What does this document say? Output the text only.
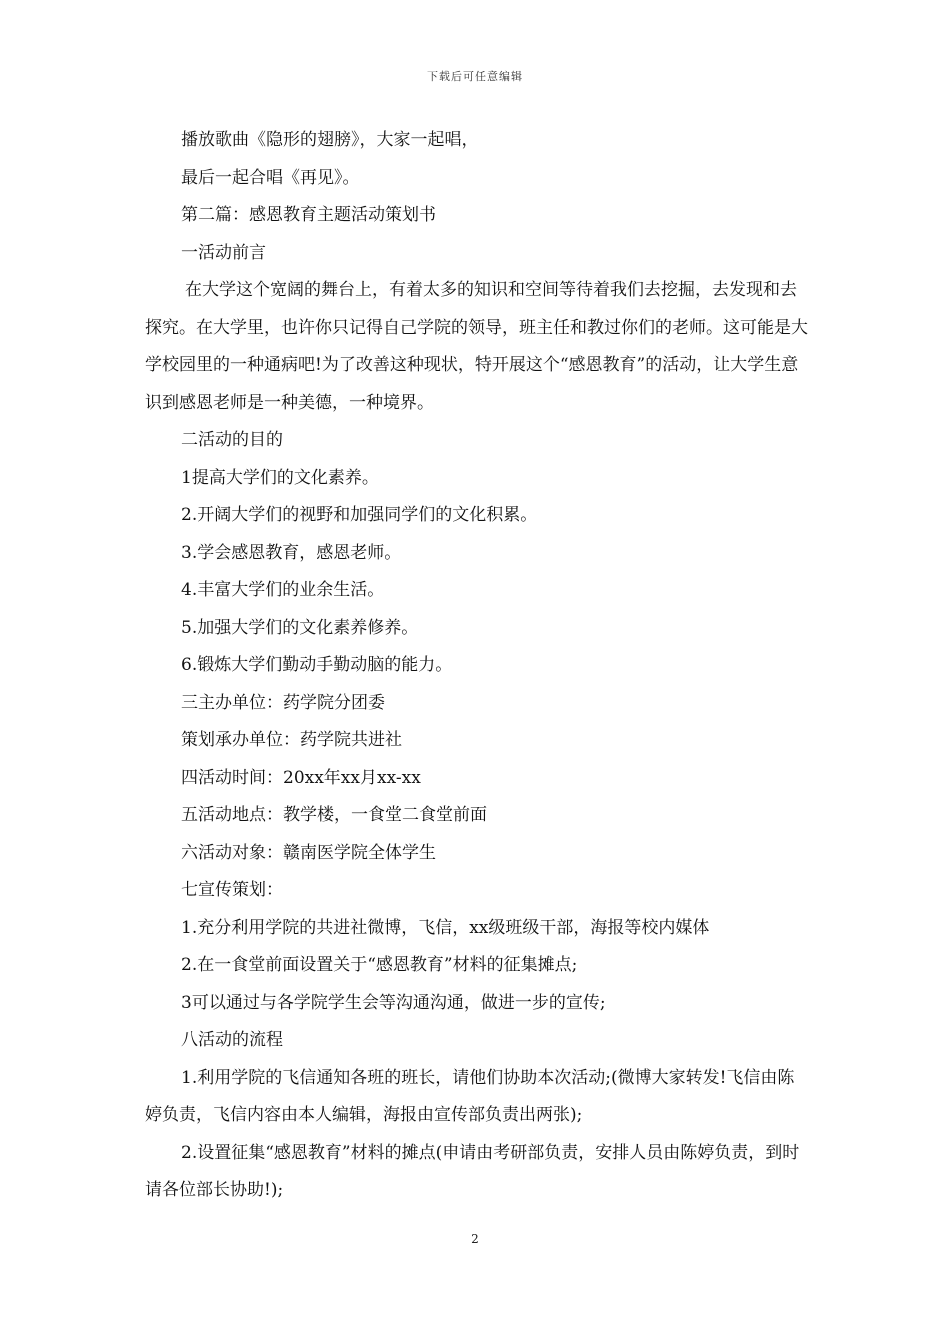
下载后可任意编辑

播放歌曲《隐形的翅膀》，大家一起唱，

最后一起合唱《再见》。

第二篇：感恩教育主题活动策划书

一活动前言

在大学这个宽阔的舞台上，有着太多的知识和空间等待着我们去挖掘，去发现和去探究。在大学里，也许你只记得自己学院的领导，班主任和教过你们的老师。这可能是大学校园里的一种通病吧!为了改善这种现状，特开展这个“感恩教育”的活动，让大学生意识到感恩老师是一种美德，一种境界。

二活动的目的

1提高大学们的文化素养。

2.开阔大学们的视野和加强同学们的文化积累。

3.学会感恩教育，感恩老师。

4.丰富大学们的业余生活。

5.加强大学们的文化素养修养。

6.锻炼大学们勤动手勤动脑的能力。

三主办单位：药学院分团委

策划承办单位：药学院共进社

四活动时间：20xx年xx月xx-xx

五活动地点：教学楼，一食堂二食堂前面

六活动对象：赣南医学院全体学生

七宣传策划：

1.充分利用学院的共进社微博，飞信，xx级班级干部，海报等校内媒体

2.在一食堂前面设置关于“感恩教育”材料的征集摊点;

3可以通过与各学院学生会等沟通沟通，做进一步的宣传;

八活动的流程

1.利用学院的飞信通知各班的班长，请他们协助本次活动;(微博大家转发!飞信由陈婷负责，飞信内容由本人编辑，海报由宣传部负责出两张);

2.设置征集“感恩教育”材料的摊点(申请由考研部负责，安排人员由陈婷负责，到时请各位部长协助!);

2
